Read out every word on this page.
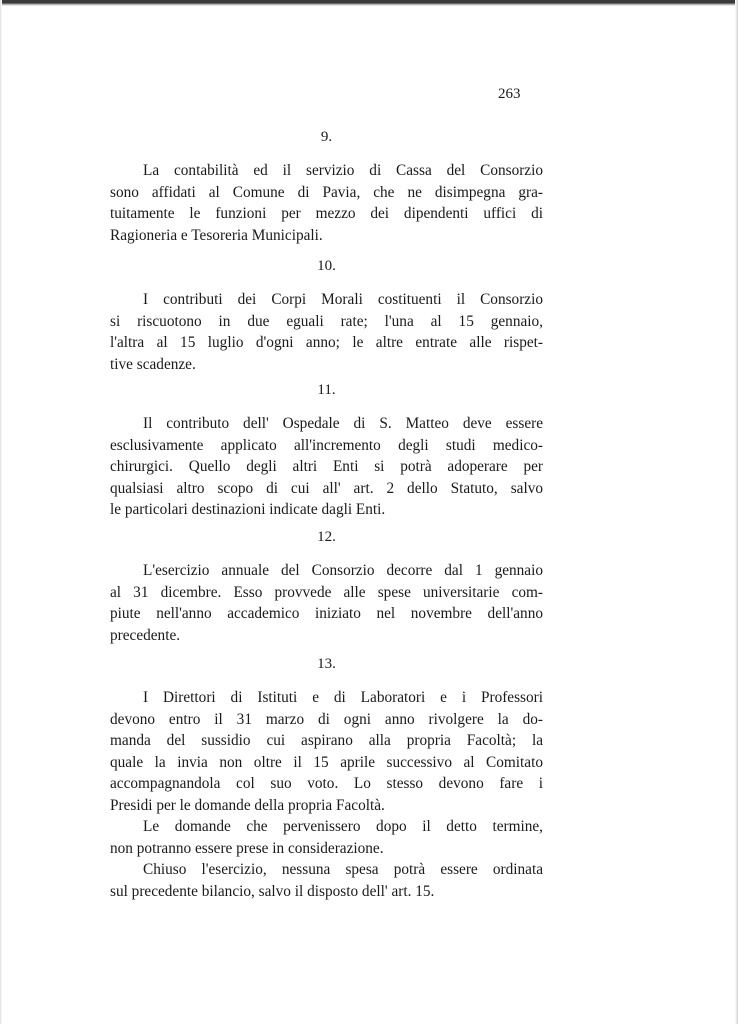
263
9.

La contabilità ed il servizio di Cassa del Consorzio
sono affidati al Comune di Pavia, che ne disimpegna gra-
tuitamente le funzioni per mezzo dei dipendenti uffici di
Ragioneria e Tesoreria Municipali.

10.

I contributi dei Corpi Morali costituenti il Consorzio
si riscuotono in due eguali rate; l'una al 15 gennaio,
l'altra al 15 luglio d'ogni anno; le altre entrate alle rispet-
tive scadenze.

11.

Il contributo dell' Ospedale di S. Matteo deve essere
esclusivamente applicato all'incremento degli studi medico-
chirurgici. Quello degli altri Enti si potrà adoperare per
qualsiasi altro scopo di cui all' art. 2 dello Statuto, salvo
le particolari destinazioni indicate dagli Enti.

12.

L'esercizio annuale del Consorzio decorre dal 1 gennaio
al 31 dicembre. Esso provvede alle spese universitarie com-
piute nell'anno accademico iniziato nel novembre dell'anno
precedente.

13.

I Direttori di Istituti e di Laboratori e i Professori
devono entro il 31 marzo di ogni anno rivolgere la do-
manda del sussidio cui aspirano alla propria Facoltà; la
quale la invia non oltre il 15 aprile successivo al Comitato
accompagnandola col suo voto. Lo stesso devono fare i
Presidi per le domande della propria Facoltà.

Le domande che pervenissero dopo il detto termine,
non potranno essere prese in considerazione.

Chiuso l'esercizio, nessuna spesa potrà essere ordinata
sul precedente bilancio, salvo il disposto dell' art. 15.
